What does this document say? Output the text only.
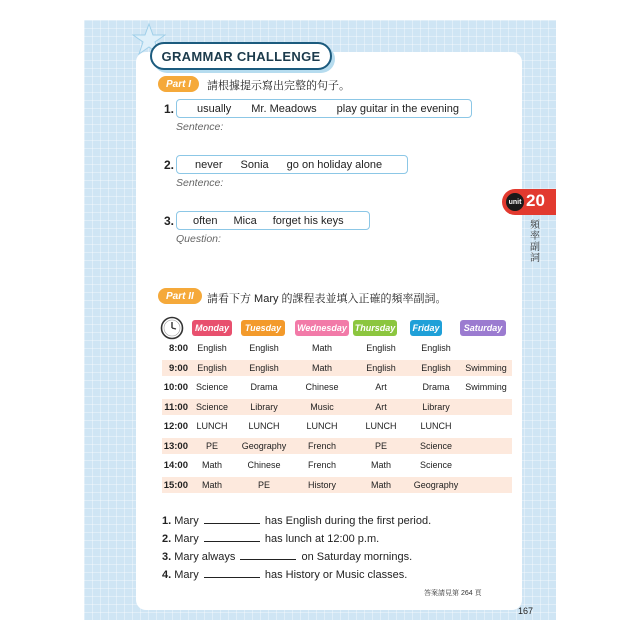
GRAMMAR CHALLENGE
Part I	請根據提示寫出完整的句子。
1. usually Mr. Meadows play guitar in the evening
Sentence:
2. never Sonia go on holiday alone
Sentence:
3. often Mica forget his keys
Question:
unit 20
頻率副詞
Part II	請看下方 Mary 的課程表並填入正確的頻率副詞。
Monday	Tuesday	Wednesday Thursday Friday	Saturday
8:00	English	English	Math	English	English
9:00	English	English	Math	English	English	Swimming
10:00 Science	Drama	Chinese	Art	Drama	Swimming
11:00 Science	Library	Music	Art	Library
12:00 LUNCH	LUNCH	LUNCH	LUNCH	LUNCH
13:00	PE	Geography	French	PE	Science
14:00	Math	Chinese	French	Math	Science
15:00	Math	PE	History	Math	Geography
1. Mary	has English during the first period.
2. Mary	has lunch at 12:00 p.m.
3. Mary always	on Saturday mornings.
4. Mary	has History or Music classes.
答案請見第 264 頁
167
